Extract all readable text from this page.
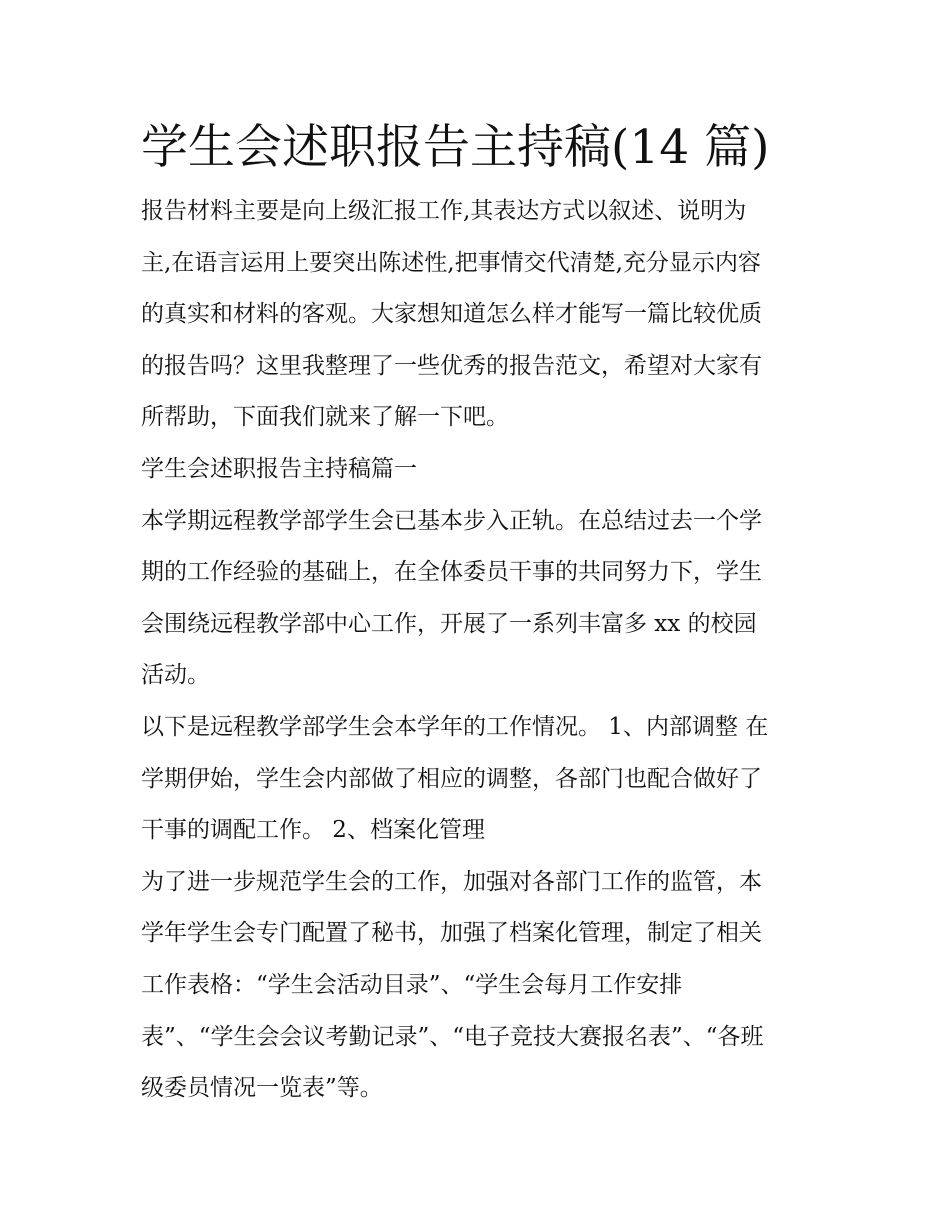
学生会述职报告主持稿(14 篇)
报告材料主要是向上级汇报工作,其表达方式以叙述、说明为
主,在语言运用上要突出陈述性,把事情交代清楚,充分显示内容
的真实和材料的客观。大家想知道怎么样才能写一篇比较优质
的报告吗？这里我整理了一些优秀的报告范文，希望对大家有
所帮助，下面我们就来了解一下吧。
学生会述职报告主持稿篇一
本学期远程教学部学生会已基本步入正轨。在总结过去一个学
期的工作经验的基础上，在全体委员干事的共同努力下，学生
会围绕远程教学部中心工作，开展了一系列丰富多 xx 的校园
活动。
以下是远程教学部学生会本学年的工作情况。 1、内部调整 在
学期伊始，学生会内部做了相应的调整，各部门也配合做好了
干事的调配工作。 2、档案化管理
为了进一步规范学生会的工作，加强对各部门工作的监管，本
学年学生会专门配置了秘书，加强了档案化管理，制定了相关
工作表格：“学生会活动目录”、“学生会每月工作安排
表”、“学生会会议考勤记录”、“电子竞技大赛报名表”、“各班
级委员情况一览表”等。
